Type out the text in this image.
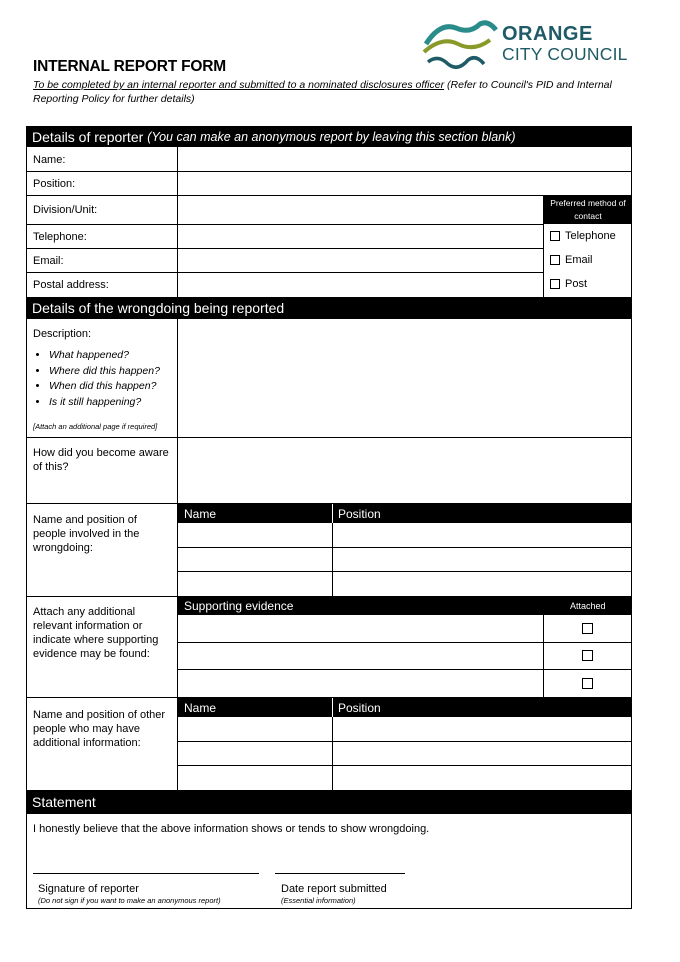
INTERNAL REPORT FORM
To be completed by an internal reporter and submitted to a nominated disclosures officer (Refer to Council's PID and Internal Reporting Policy for further details)
ORANGE
CITY COUNCIL
Details of reporter (You can make an anonymous report by leaving this section blank)
Name:
Position:
Division/Unit:
Telephone:
Email:
Postal address:
Preferred method of contact
Telephone
Email
Post
Details of the wrongdoing being reported
Description:
• What happened?
• Where did this happen?
• When did this happen?
• Is it still happening?
[Attach an additional page if required]
How did you become aware of this?
Name and position of people involved in the wrongdoing:
Name	Position
Attach any additional relevant information or indicate where supporting evidence may be found:
Supporting evidence	Attached
Name and position of other people who may have additional information:
Name	Position
Statement
I honestly believe that the above information shows or tends to show wrongdoing.
Signature of reporter
(Do not sign if you want to make an anonymous report)
Date report submitted
(Essential information)
